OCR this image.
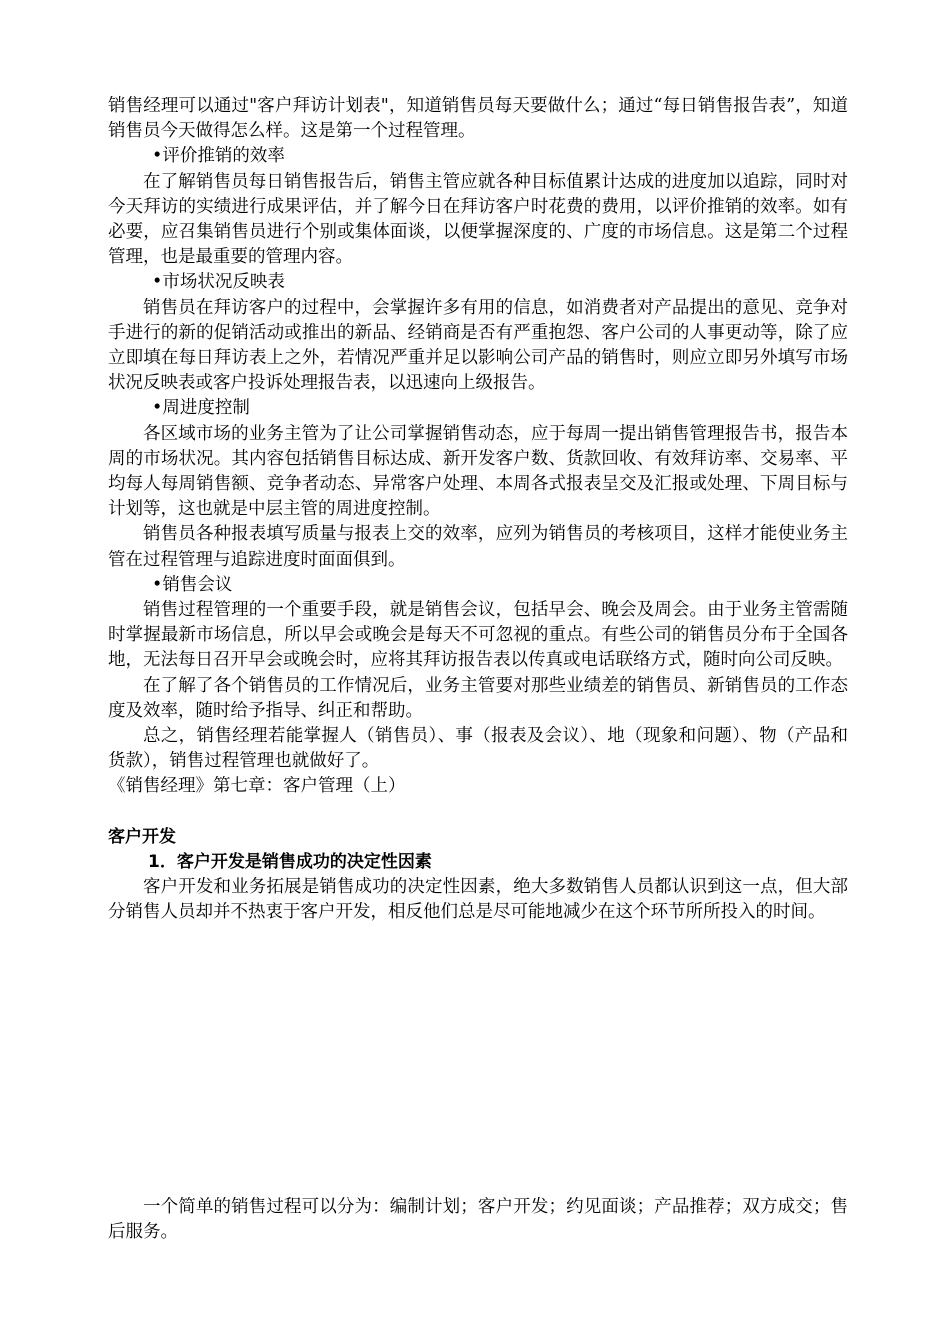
销售经理可以通过"客户拜访计划表"，知道销售员每天要做什么；通过“每日销售报告表”，知道销售员今天做得怎么样。这是第一个过程管理。

•评价推销的效率

在了解销售员每日销售报告后，销售主管应就各种目标值累计达成的进度加以追踪，同时对今天拜访的实绩进行成果评估，并了解今日在拜访客户时花费的费用，以评价推销的效率。如有必要，应召集销售员进行个别或集体面谈，以便掌握深度的、广度的市场信息。这是第二个过程管理，也是最重要的管理内容。

•市场状况反映表

销售员在拜访客户的过程中，会掌握许多有用的信息，如消费者对产品提出的意见、竞争对手进行的新的促销活动或推出的新品、经销商是否有严重抱怨、客户公司的人事更动等，除了应立即填在每日拜访表上之外，若情况严重并足以影响公司产品的销售时，则应立即另外填写市场状况反映表或客户投诉处理报告表，以迅速向上级报告。

•周进度控制

各区域市场的业务主管为了让公司掌握销售动态，应于每周一提出销售管理报告书，报告本周的市场状况。其内容包括销售目标达成、新开发客户数、货款回收、有效拜访率、交易率、平均每人每周销售额、竞争者动态、异常客户处理、本周各式报表呈交及汇报或处理、下周目标与计划等，这也就是中层主管的周进度控制。

销售员各种报表填写质量与报表上交的效率，应列为销售员的考核项目，这样才能使业务主管在过程管理与追踪进度时面面俱到。

•销售会议

销售过程管理的一个重要手段，就是销售会议，包括早会、晚会及周会。由于业务主管需随时掌握最新市场信息，所以早会或晚会是每天不可忽视的重点。有些公司的销售员分布于全国各地，无法每日召开早会或晚会时，应将其拜访报告表以传真或电话联络方式，随时向公司反映。

在了解了各个销售员的工作情况后，业务主管要对那些业绩差的销售员、新销售员的工作态度及效率，随时给予指导、纠正和帮助。

总之，销售经理若能掌握人（销售员）、事（报表及会议）、地（现象和问题）、物（产品和货款），销售过程管理也就做好了。

《销售经理》第七章：客户管理（上）

客户开发

1．客户开发是销售成功的决定性因素

客户开发和业务拓展是销售成功的决定性因素，绝大多数销售人员都认识到这一点，但大部分销售人员却并不热衷于客户开发，相反他们总是尽可能地减少在这个环节所所投入的时间。

一个简单的销售过程可以分为：编制计划；客户开发；约见面谈；产品推荐；双方成交；售后服务。
